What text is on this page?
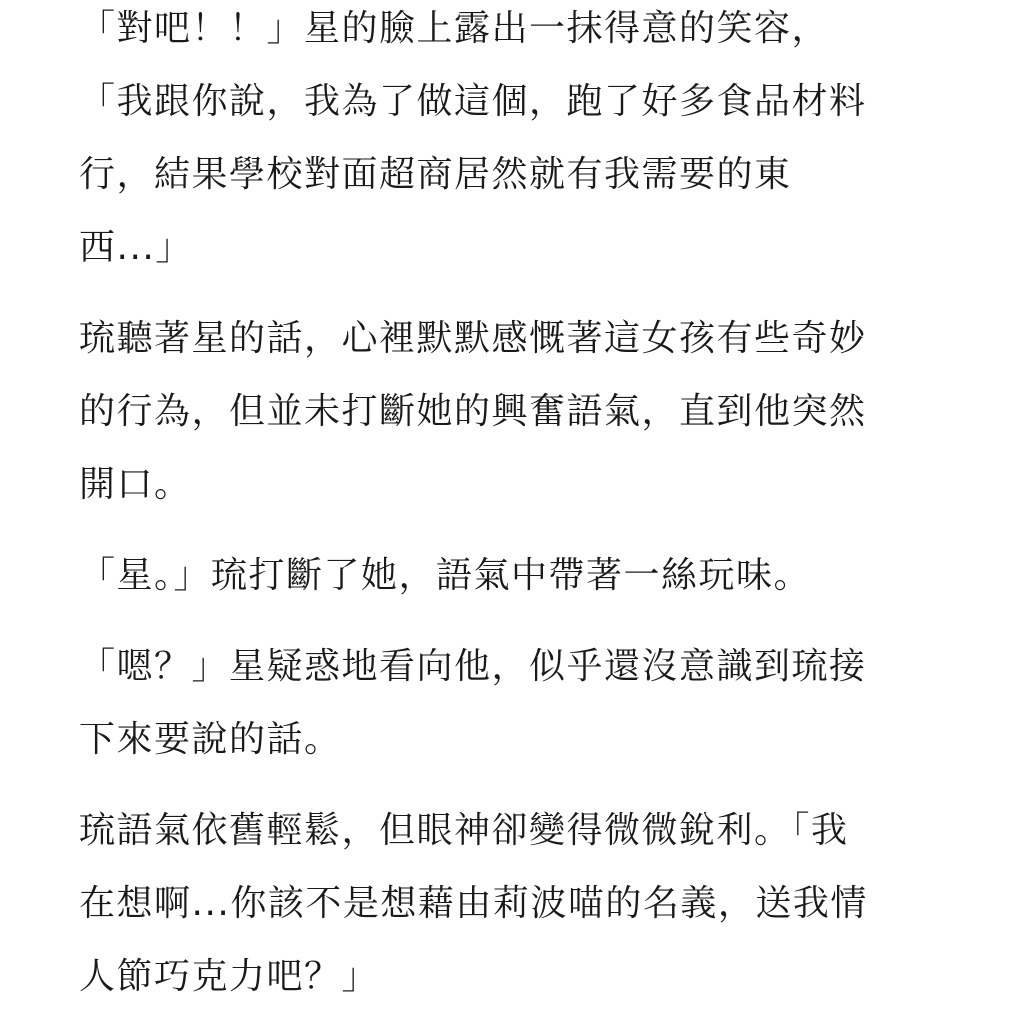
「對吧！！」星的臉上露出一抹得意的笑容，
「我跟你說，我為了做這個，跑了好多食品材料
行，結果學校對面超商居然就有我需要的東
西...」

琉聽著星的話，心裡默默感慨著這女孩有些奇妙
的行為，但並未打斷她的興奮語氣，直到他突然
開口。

「星。」琉打斷了她，語氣中帶著一絲玩味。

「嗯？」星疑惑地看向他，似乎還沒意識到琉接
下來要說的話。

琉語氣依舊輕鬆，但眼神卻變得微微銳利。「我
在想啊...你該不是想藉由莉波喵的名義，送我情
人節巧克力吧？」
